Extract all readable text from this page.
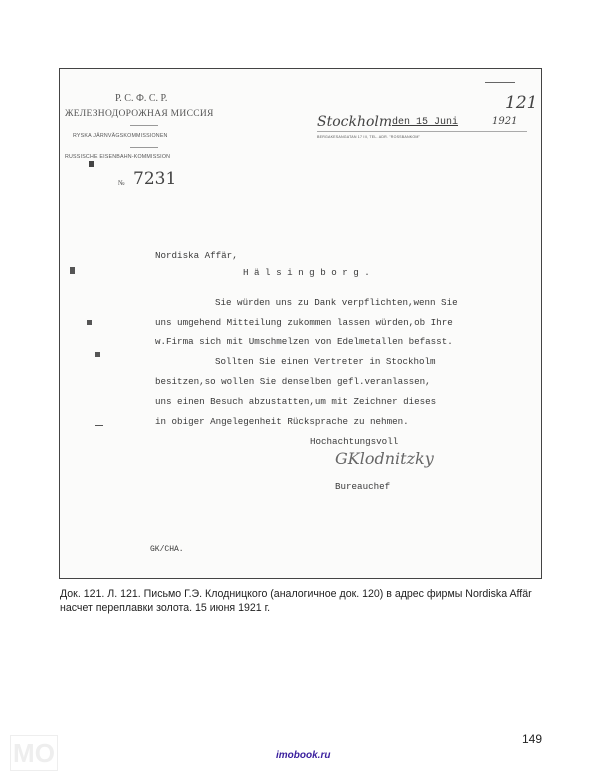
Р. С. Ф. С. Р.
ЖЕЛЕЗНОДОРОЖНАЯ МИССИЯ
RYSKA JÄRNVÄGSKOMMISSIONEN
RUSSISCHE EISENBAHN-KOMMISSION
№ 7231
Stockholm den 15 Juni	1921
BERGAKESANGATAN 17 III, TEL. ADR. "ROSSBANKOM"
121
Nordiska Affär,
H ä l s i n g b o r g .
Sie würden uns zu Dank verpflichten,wenn Sie
uns umgehend Mitteilung zukommen lassen würden,ob Ihre
w.Firma sich mit Umschmelzen von Edelmetallen befasst.
Sollten Sie einen Vertreter in Stockholm
besitzen,so wollen Sie denselben gefl.veranlassen,
uns einen Besuch abzustatten,um mit Zeichner dieses
in obiger Angelegenheit Rücksprache zu nehmen.
Hochachtungsvoll
GKlodnitzky
Bureauchef
GK/CHA.
Док. 121. Л. 121. Письмо Г.Э. Клодницкого (аналогичное док. 120) в адрес фирмы Nordiska Affär
насчет переплавки золота. 15 июня 1921 г.
149
MO	imobook.ru
